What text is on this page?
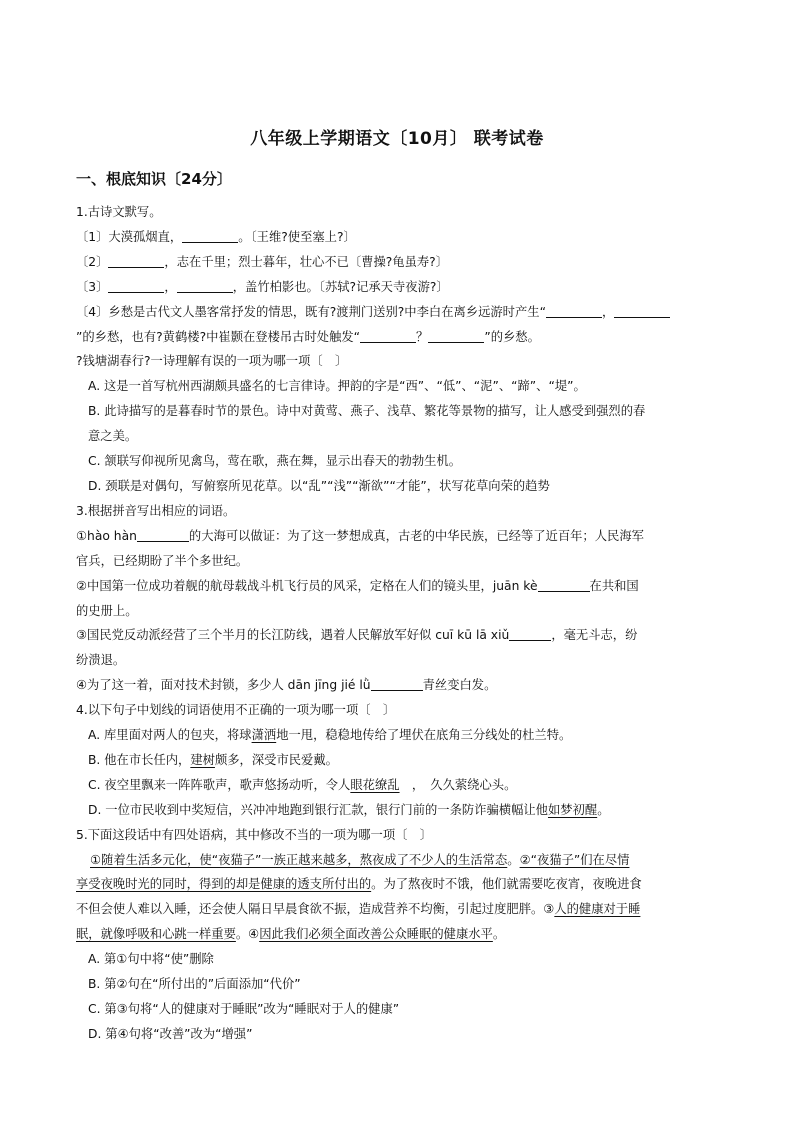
八年级上学期语文〔10月〕 联考试卷
一、根底知识〔24分〕
1.古诗文默写。
〔1〕大漠孤烟直，	。〔王维?使至塞上?〕
〔2〕	，志在千里；烈士暮年，壮心不已〔曹操?龟虽寿?〕
〔3〕	，	，盖竹柏影也。〔苏轼?记承天寺夜游?〕
〔4〕乡愁是古代文人墨客常抒发的情思，既有?渡荆门送别?中李白在离乡远游时产生“	，
”的乡愁，也有?黄鹤楼?中崔颢在登楼吊古时处触发“	？	”的乡愁。
?钱塘湖春行?一诗理解有误的一项为哪一项〔　〕
A. 这是一首写杭州西湖颇具盛名的七言律诗。押韵的字是“西”、“低”、“泥”、“蹄”、“堤”。
B. 此诗描写的是暮春时节的景色。诗中对黄莺、燕子、浅草、繁花等景物的描写，让人感受到强烈的春
意之美。
C. 颔联写仰视所见禽鸟，莺在歌，燕在舞，显示出春天的勃勃生机。
D. 颈联是对偶句，写俯察所见花草。以“乱”“浅”“渐欲”“才能”，状写花草向荣的趋势
3.根据拼音写出相应的词语。
①hào hàn	的大海可以做证：为了这一梦想成真，古老的中华民族，已经等了近百年；人民海军
官兵，已经期盼了半个多世纪。
②中国第一位成功着舰的航母载战斗机飞行员的风采，定格在人们的镜头里，juān kè	在共和国
的史册上。
③国民党反动派经营了三个半月的长江防线，遇着人民解放军好似 cuī kū lā xiǔ	，毫无斗志，纷
纷溃退。
④为了这一着，面对技术封锁，多少人 dān jīng jié lǜ	青丝变白发。
4.以下句子中划线的词语使用不正确的一项为哪一项〔　〕
A. 库里面对两人的包夹，将球潇洒地一甩，稳稳地传给了埋伏在底角三分线处的杜兰特。
B. 他在市长任内，建树颇多，深受市民爱戴。
C. 夜空里飘来一阵阵歌声，歌声悠扬动听，令人眼花缭乱　，　久久萦绕心头。
D. 一位市民收到中奖短信，兴冲冲地跑到银行汇款，银行门前的一条防诈骗横幅让他如梦初醒。
5.下面这段话中有四处语病，其中修改不当的一项为哪一项〔　〕
①随着生活多元化，使“夜猫子”一族正越来越多，熬夜成了不少人的生活常态。②“夜猫子”们在尽情
享受夜晚时光的同时，得到的却是健康的透支所付出的。为了熬夜时不饿，他们就需要吃夜宵，夜晚进食
不但会使人难以入睡，还会使人隔日早晨食欲不振，造成营养不均衡，引起过度肥胖。③人的健康对于睡
眠，就像呼吸和心跳一样重要。④因此我们必须全面改善公众睡眠的健康水平。
A. 第①句中将“使”删除
B. 第②句在“所付出的”后面添加“代价”
C. 第③句将“人的健康对于睡眠”改为“睡眠对于人的健康”
D. 第④句将“改善”改为“增强”
